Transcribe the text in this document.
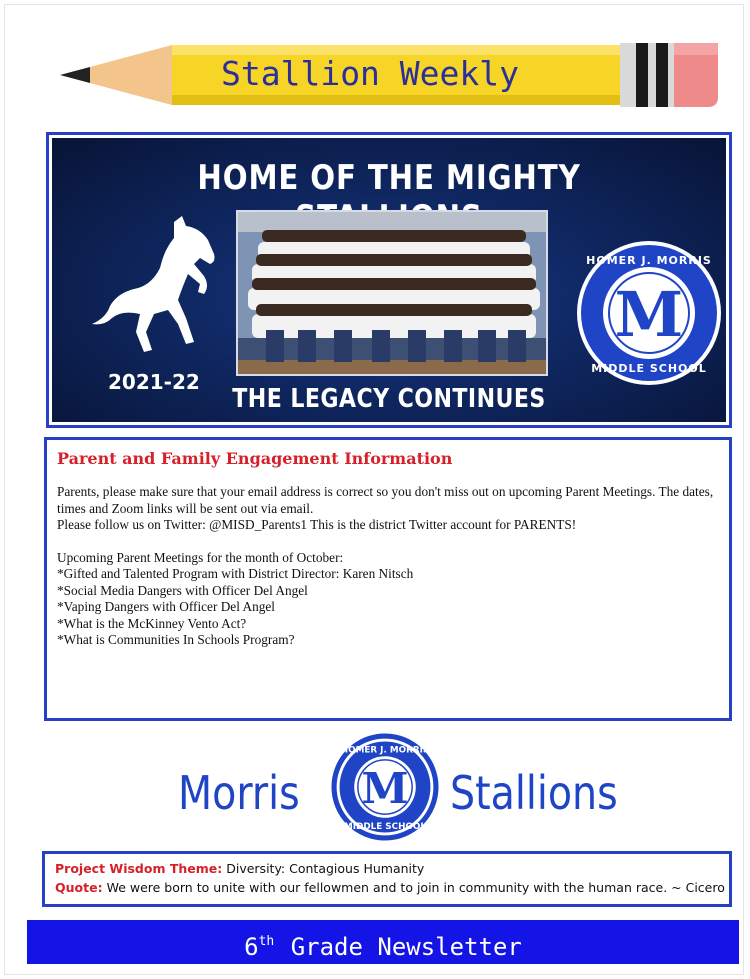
Stallion Weekly
HOME OF THE MIGHTY
M
HOMER J. MORRIS
MIDDLE SCHOOL
2021-22
THE LEGACY CONTINUES

Parent and Family Engagement Information

Parents, please make sure that your email address is correct so you don't miss out on upcoming Parent Meetings. The dates, times and Zoom links will be sent out via email.

Please follow us on Twitter: @MISD_Parents1 This is the district Twitter account for PARENTS!

Upcoming Parent Meetings for the month of October:

*Gifted and Talented Program with District Director: Karen Nitsch

*Social Media Dangers with Officer Del Angel

*Vaping Dangers with Officer Del Angel

*What is the McKinney Vento Act?

*What is Communities In Schools Program?

Morris M
HOMER J. MORRIS
MIDDLE SCHOOL
Stallions

Project Wisdom Theme: Diversity: Contagious Humanity

Quote: We were born to unite with our fellowmen and to join in community with the human race. ~ Cicero

6th Grade Newsletter
